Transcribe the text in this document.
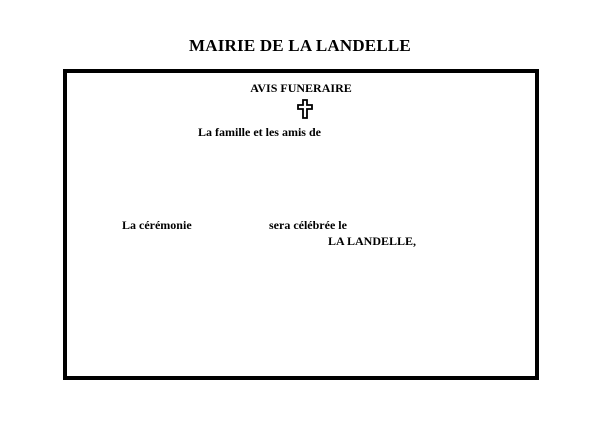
MAIRIE DE LA LANDELLE
AVIS FUNERAIRE
La famille et les amis de
La cérémonie	sera célébrée le
LA LANDELLE,
